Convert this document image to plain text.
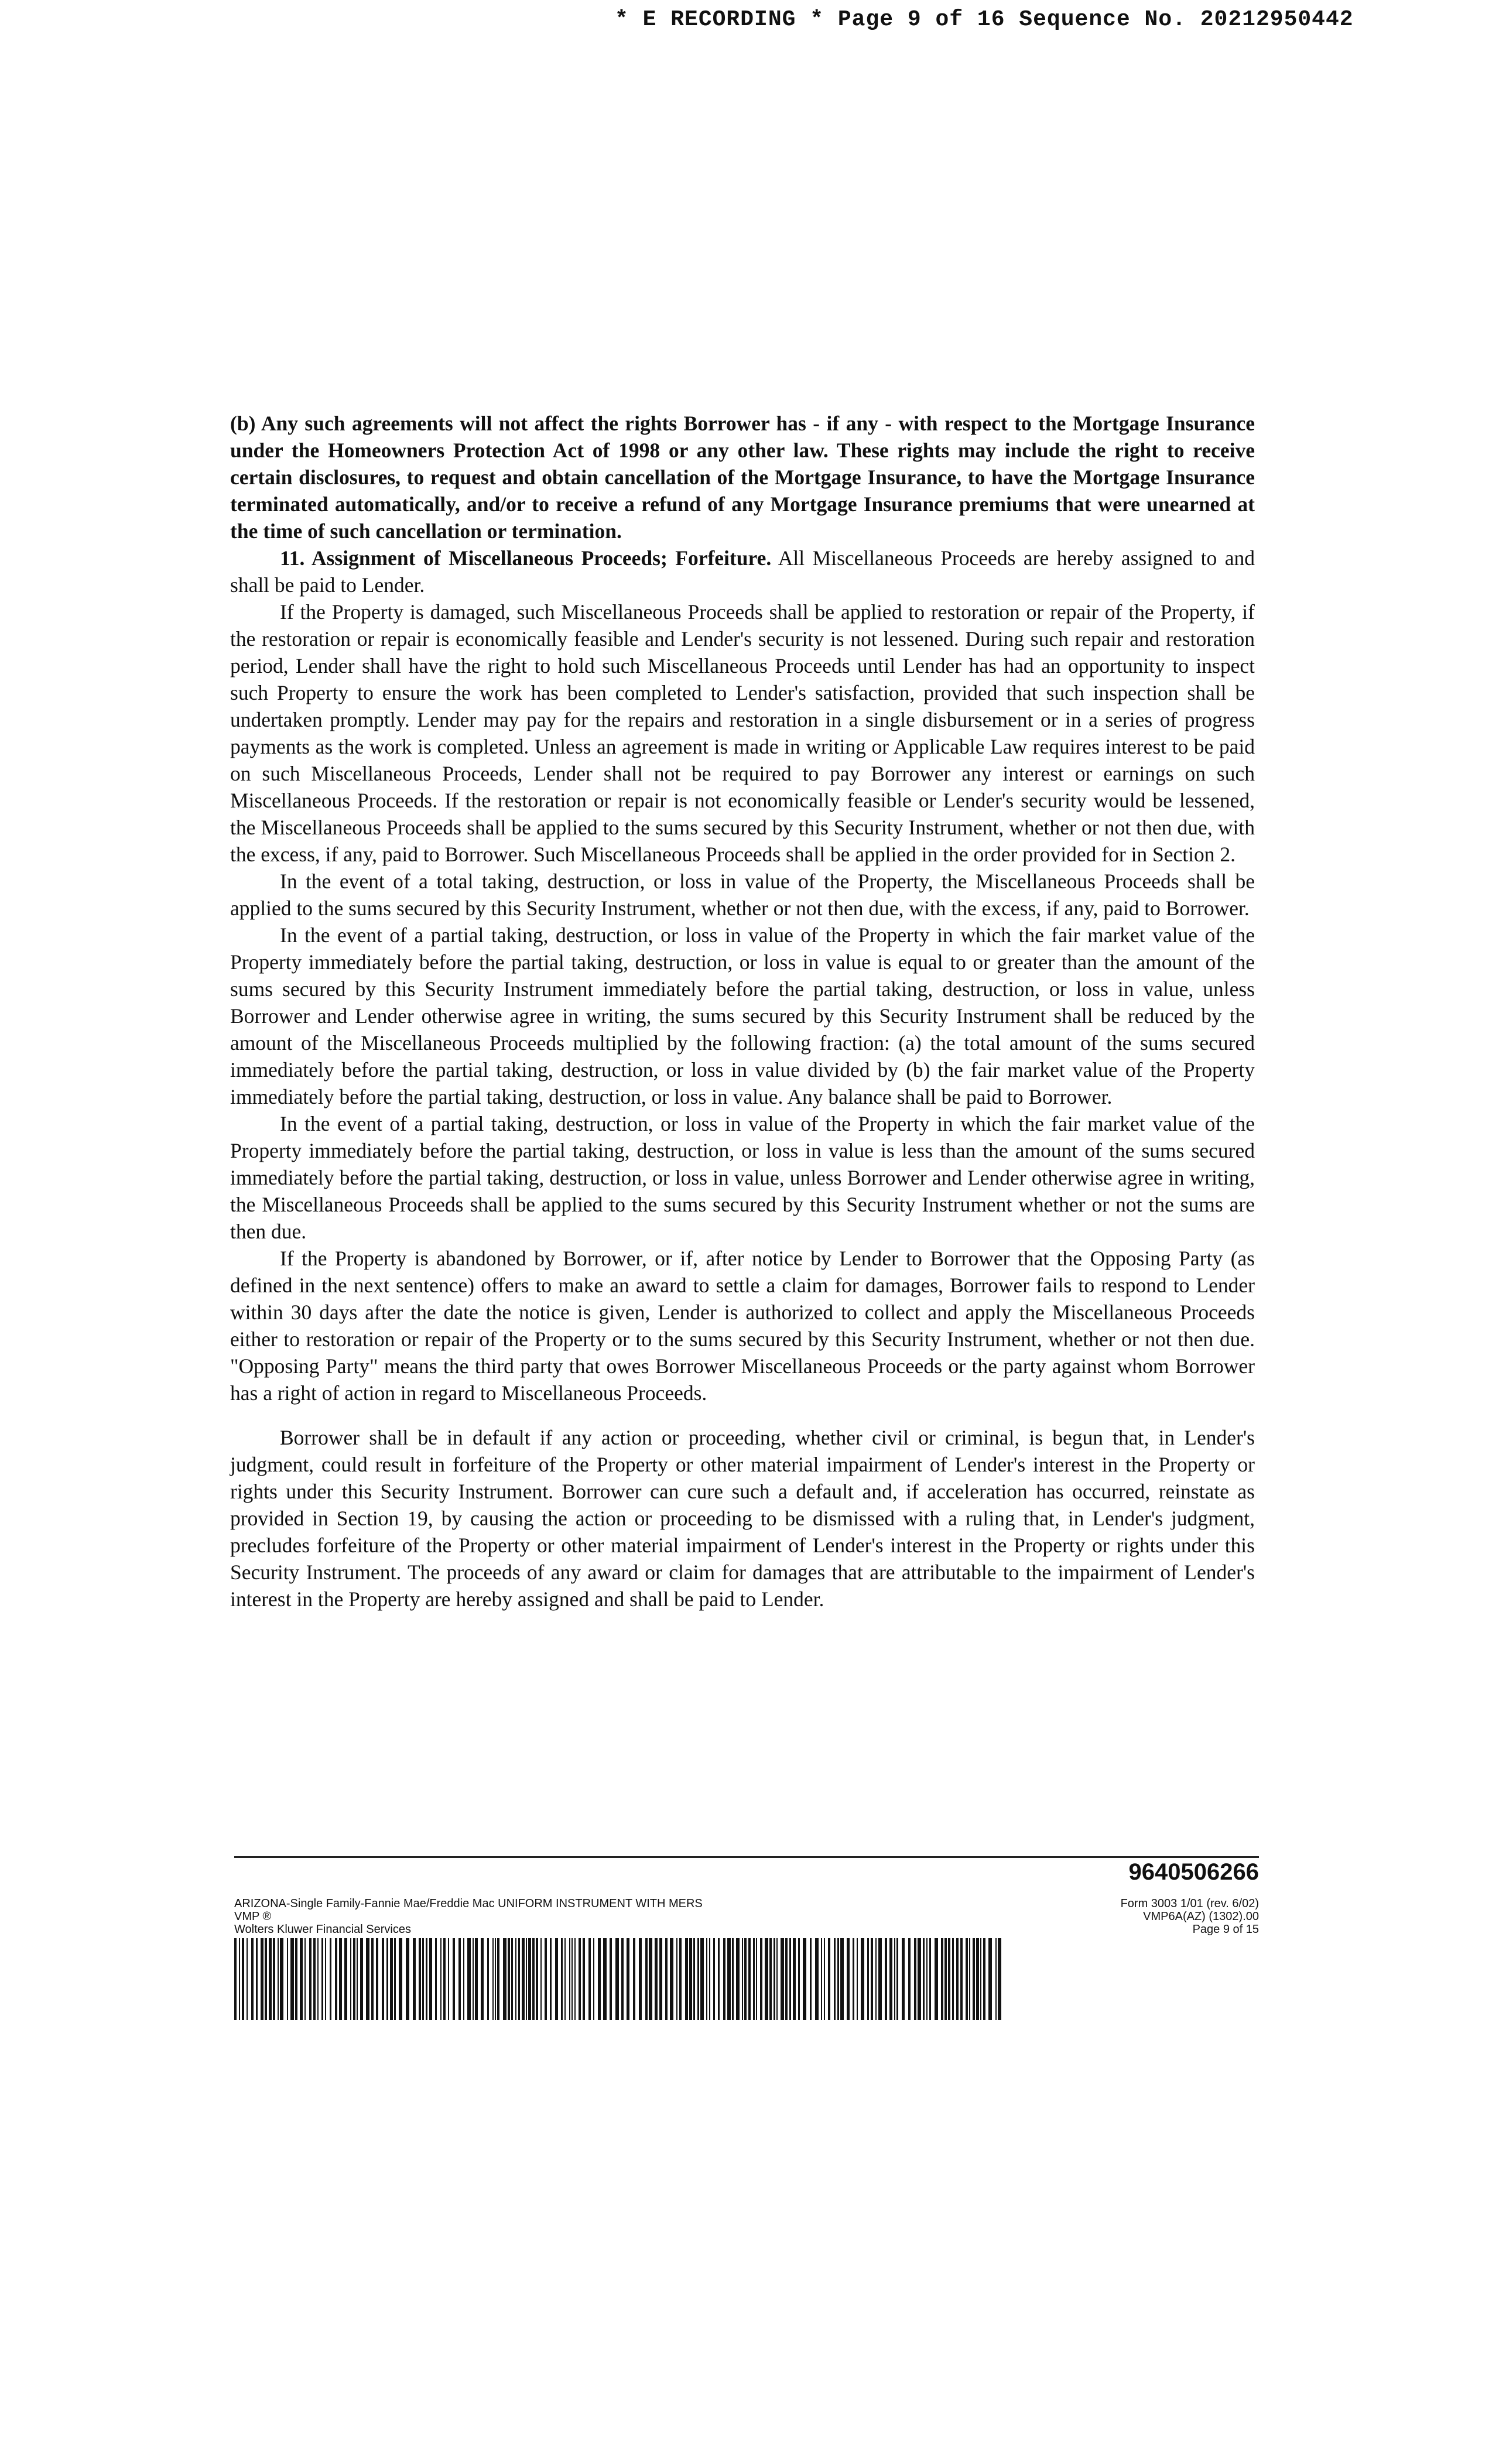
* E RECORDING * Page 9 of 16 Sequence No. 20212950442

(b) Any such agreements will not affect the rights Borrower has - if any - with respect to the Mortgage Insurance under the Homeowners Protection Act of 1998 or any other law. These rights may include the right to receive certain disclosures, to request and obtain cancellation of the Mortgage Insurance, to have the Mortgage Insurance terminated automatically, and/or to receive a refund of any Mortgage Insurance premiums that were unearned at the time of such cancellation or termination.

11. Assignment of Miscellaneous Proceeds; Forfeiture. All Miscellaneous Proceeds are hereby assigned to and shall be paid to Lender.

If the Property is damaged, such Miscellaneous Proceeds shall be applied to restoration or repair of the Property, if the restoration or repair is economically feasible and Lender's security is not lessened. During such repair and restoration period, Lender shall have the right to hold such Miscellaneous Proceeds until Lender has had an opportunity to inspect such Property to ensure the work has been completed to Lender's satisfaction, provided that such inspection shall be undertaken promptly. Lender may pay for the repairs and restoration in a single disbursement or in a series of progress payments as the work is completed. Unless an agreement is made in writing or Applicable Law requires interest to be paid on such Miscellaneous Proceeds, Lender shall not be required to pay Borrower any interest or earnings on such Miscellaneous Proceeds. If the restoration or repair is not economically feasible or Lender's security would be lessened, the Miscellaneous Proceeds shall be applied to the sums secured by this Security Instrument, whether or not then due, with the excess, if any, paid to Borrower. Such Miscellaneous Proceeds shall be applied in the order provided for in Section 2.

In the event of a total taking, destruction, or loss in value of the Property, the Miscellaneous Proceeds shall be applied to the sums secured by this Security Instrument, whether or not then due, with the excess, if any, paid to Borrower.

In the event of a partial taking, destruction, or loss in value of the Property in which the fair market value of the Property immediately before the partial taking, destruction, or loss in value is equal to or greater than the amount of the sums secured by this Security Instrument immediately before the partial taking, destruction, or loss in value, unless Borrower and Lender otherwise agree in writing, the sums secured by this Security Instrument shall be reduced by the amount of the Miscellaneous Proceeds multiplied by the following fraction: (a) the total amount of the sums secured immediately before the partial taking, destruction, or loss in value divided by (b) the fair market value of the Property immediately before the partial taking, destruction, or loss in value. Any balance shall be paid to Borrower.

In the event of a partial taking, destruction, or loss in value of the Property in which the fair market value of the Property immediately before the partial taking, destruction, or loss in value is less than the amount of the sums secured immediately before the partial taking, destruction, or loss in value, unless Borrower and Lender otherwise agree in writing, the Miscellaneous Proceeds shall be applied to the sums secured by this Security Instrument whether or not the sums are then due.

If the Property is abandoned by Borrower, or if, after notice by Lender to Borrower that the Opposing Party (as defined in the next sentence) offers to make an award to settle a claim for damages, Borrower fails to respond to Lender within 30 days after the date the notice is given, Lender is authorized to collect and apply the Miscellaneous Proceeds either to restoration or repair of the Property or to the sums secured by this Security Instrument, whether or not then due. "Opposing Party" means the third party that owes Borrower Miscellaneous Proceeds or the party against whom Borrower has a right of action in regard to Miscellaneous Proceeds.

Borrower shall be in default if any action or proceeding, whether civil or criminal, is begun that, in Lender's judgment, could result in forfeiture of the Property or other material impairment of Lender's interest in the Property or rights under this Security Instrument. Borrower can cure such a default and, if acceleration has occurred, reinstate as provided in Section 19, by causing the action or proceeding to be dismissed with a ruling that, in Lender's judgment, precludes forfeiture of the Property or other material impairment of Lender's interest in the Property or rights under this Security Instrument. The proceeds of any award or claim for damages that are attributable to the impairment of Lender's interest in the Property are hereby assigned and shall be paid to Lender.

9640506266
ARIZONA-Single Family-Fannie Mae/Freddie Mac UNIFORM INSTRUMENT WITH MERS
VMP ®
Wolters Kluwer Financial Services
Form 3003 1/01 (rev. 6/02)
VMP6A(AZ) (1302).00
Page 9 of 15
